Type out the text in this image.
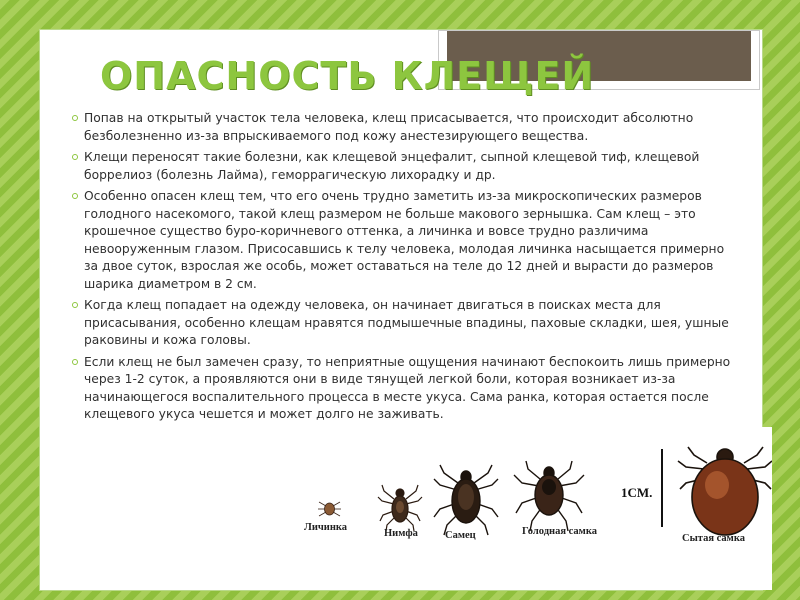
ОПАСНОСТЬ КЛЕЩЕЙ
Попав на открытый участок тела человека, клещ присасывается, что происходит абсолютно безболезненно из-за впрыскиваемого под кожу анестезирующего вещества.
Клещи переносят такие болезни, как клещевой энцефалит, сыпной клещевой тиф, клещевой боррелиоз (болезнь Лайма), геморрагическую лихорадку и др.
Особенно опасен клещ тем, что его очень трудно заметить из-за микроскопических размеров голодного насекомого, такой клещ размером не больше макового зернышка. Сам клещ – это крошечное существо буро-коричневого оттенка, а личинка и вовсе трудно различима невооруженным глазом. Присосавшись к телу человека, молодая личинка насыщается примерно за двое суток, взрослая же особь, может оставаться на теле до 12 дней и вырасти до размеров шарика диаметром в 2 см.
Когда клещ попадает на одежду человека, он начинает двигаться в поисках места для присасывания, особенно клещам нравятся подмышечные впадины, паховые складки, шея, ушные раковины и кожа головы.
Если клещ не был замечен сразу, то неприятные ощущения начинают беспокоить лишь примерно через 1-2 суток, а проявляются они в виде тянущей легкой боли, которая возникает из-за начинающегося воспалительного процесса в месте укуса. Сама ранка, которая остается после клещевого укуса чешется и может долго не заживать.
Личинка
Нимфа	Самец	Голодная самка
Сытая самка
1СМ.
